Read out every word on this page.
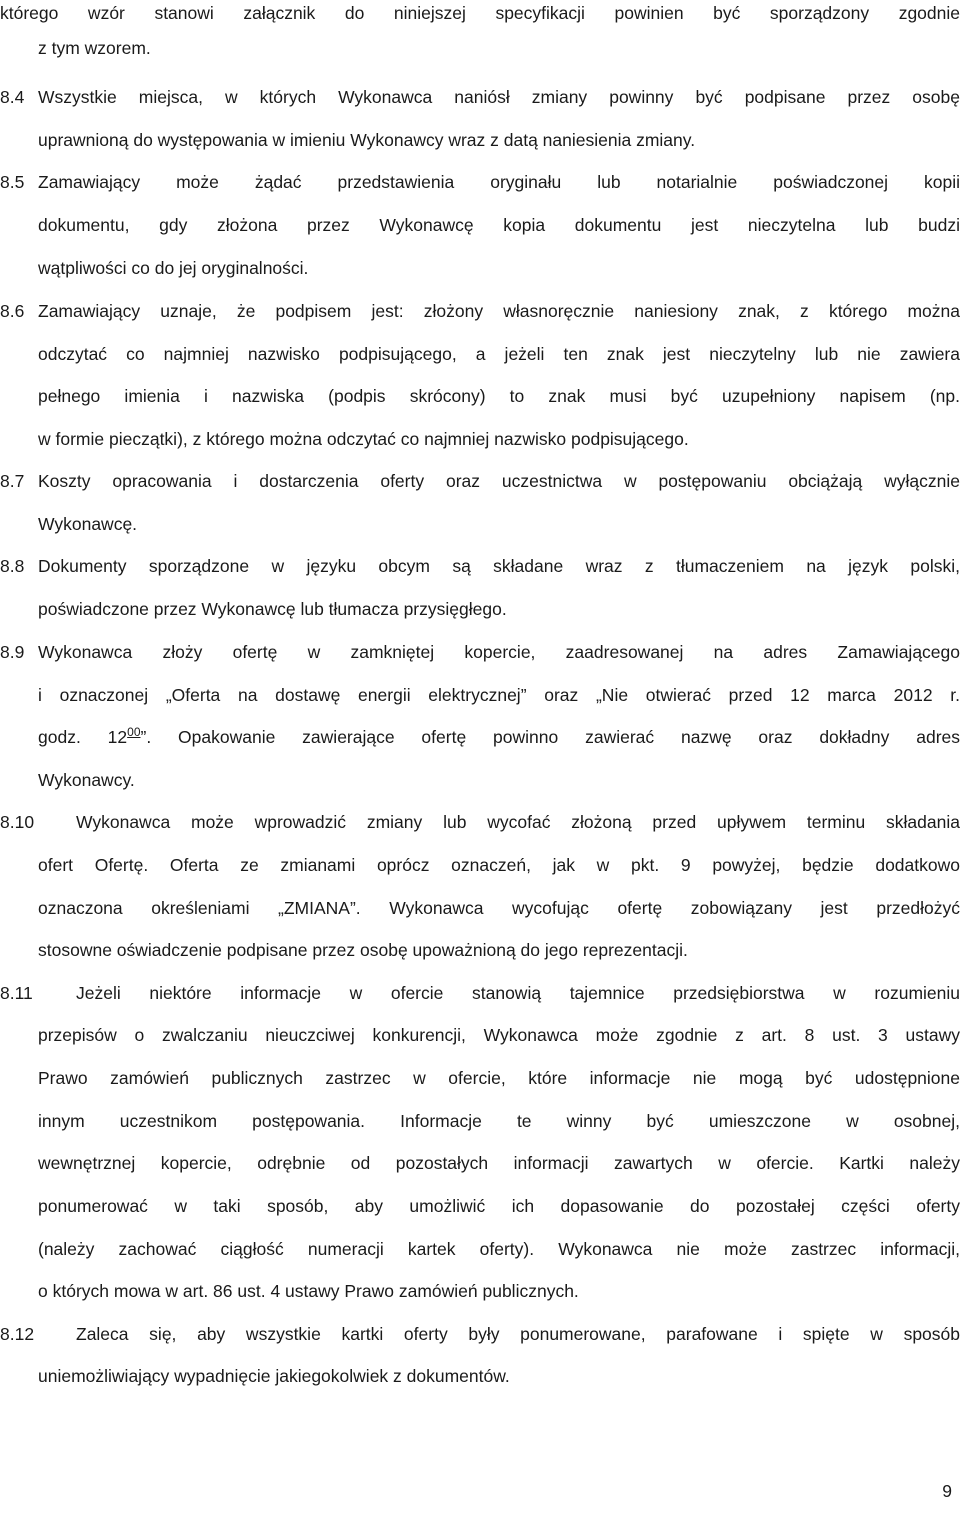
którego wzór stanowi załącznik do niniejszej specyfikacji powinien być sporządzony zgodnie
z tym wzorem.
8.4 Wszystkie miejsca, w których Wykonawca naniósł zmiany powinny być podpisane przez osobę
uprawnioną do występowania w imieniu Wykonawcy wraz z datą naniesienia zmiany.
8.5 Zamawiający może żądać przedstawienia oryginału lub notarialnie poświadczonej kopii
dokumentu, gdy złożona przez Wykonawcę kopia dokumentu jest nieczytelna lub budzi
wątpliwości co do jej oryginalności.
8.6 Zamawiający uznaje, że podpisem jest: złożony własnoręcznie naniesiony znak, z którego można
odczytać co najmniej nazwisko podpisującego, a jeżeli ten znak jest nieczytelny lub nie zawiera
pełnego imienia i nazwiska (podpis skrócony) to znak musi być uzupełniony napisem (np.
w formie pieczątki), z którego można odczytać co najmniej nazwisko podpisującego.
8.7 Koszty opracowania i dostarczenia oferty oraz uczestnictwa w postępowaniu obciążają wyłącznie
Wykonawcę.
8.8 Dokumenty sporządzone w języku obcym są składane wraz z tłumaczeniem na język polski,
poświadczone przez Wykonawcę lub tłumacza przysięgłego.
8.9 Wykonawca złoży ofertę w zamkniętej kopercie, zaadresowanej na adres Zamawiającego
i oznaczonej „Oferta na dostawę energii elektrycznej” oraz „Nie otwierać przed 12 marca 2012 r.
godz. $12^{00}$”. Opakowanie zawierające ofertę powinno zawierać nazwę oraz dokładny adres
Wykonawcy.
8.10 Wykonawca może wprowadzić zmiany lub wycofać złożoną przed upływem terminu składania
ofert Ofertę. Oferta ze zmianami oprócz oznaczeń, jak w pkt. 9 powyżej, będzie dodatkowo
oznaczona określeniami „ZMIANA”. Wykonawca wycofując ofertę zobowiązany jest przedłożyć
stosowne oświadczenie podpisane przez osobę upoważnioną do jego reprezentacji.
8.11 Jeżeli niektóre informacje w ofercie stanowią tajemnice przedsiębiorstwa w rozumieniu
przepisów o zwalczaniu nieuczciwej konkurencji, Wykonawca może zgodnie z art. 8 ust. 3 ustawy
Prawo zamówień publicznych zastrzec w ofercie, które informacje nie mogą być udostępnione
innym uczestnikom postępowania. Informacje te winny być umieszczone w osobnej,
wewnętrznej kopercie, odrębnie od pozostałych informacji zawartych w ofercie. Kartki należy
ponumerować w taki sposób, aby umożliwić ich dopasowanie do pozostałej części oferty
(należy zachować ciągłość numeracji kartek oferty). Wykonawca nie może zastrzec informacji,
o których mowa w art. 86 ust. 4 ustawy Prawo zamówień publicznych.
8.12 Zaleca się, aby wszystkie kartki oferty były ponumerowane, parafowane i spięte w sposób
uniemożliwiający wypadnięcie jakiegokolwiek z dokumentów.
9
